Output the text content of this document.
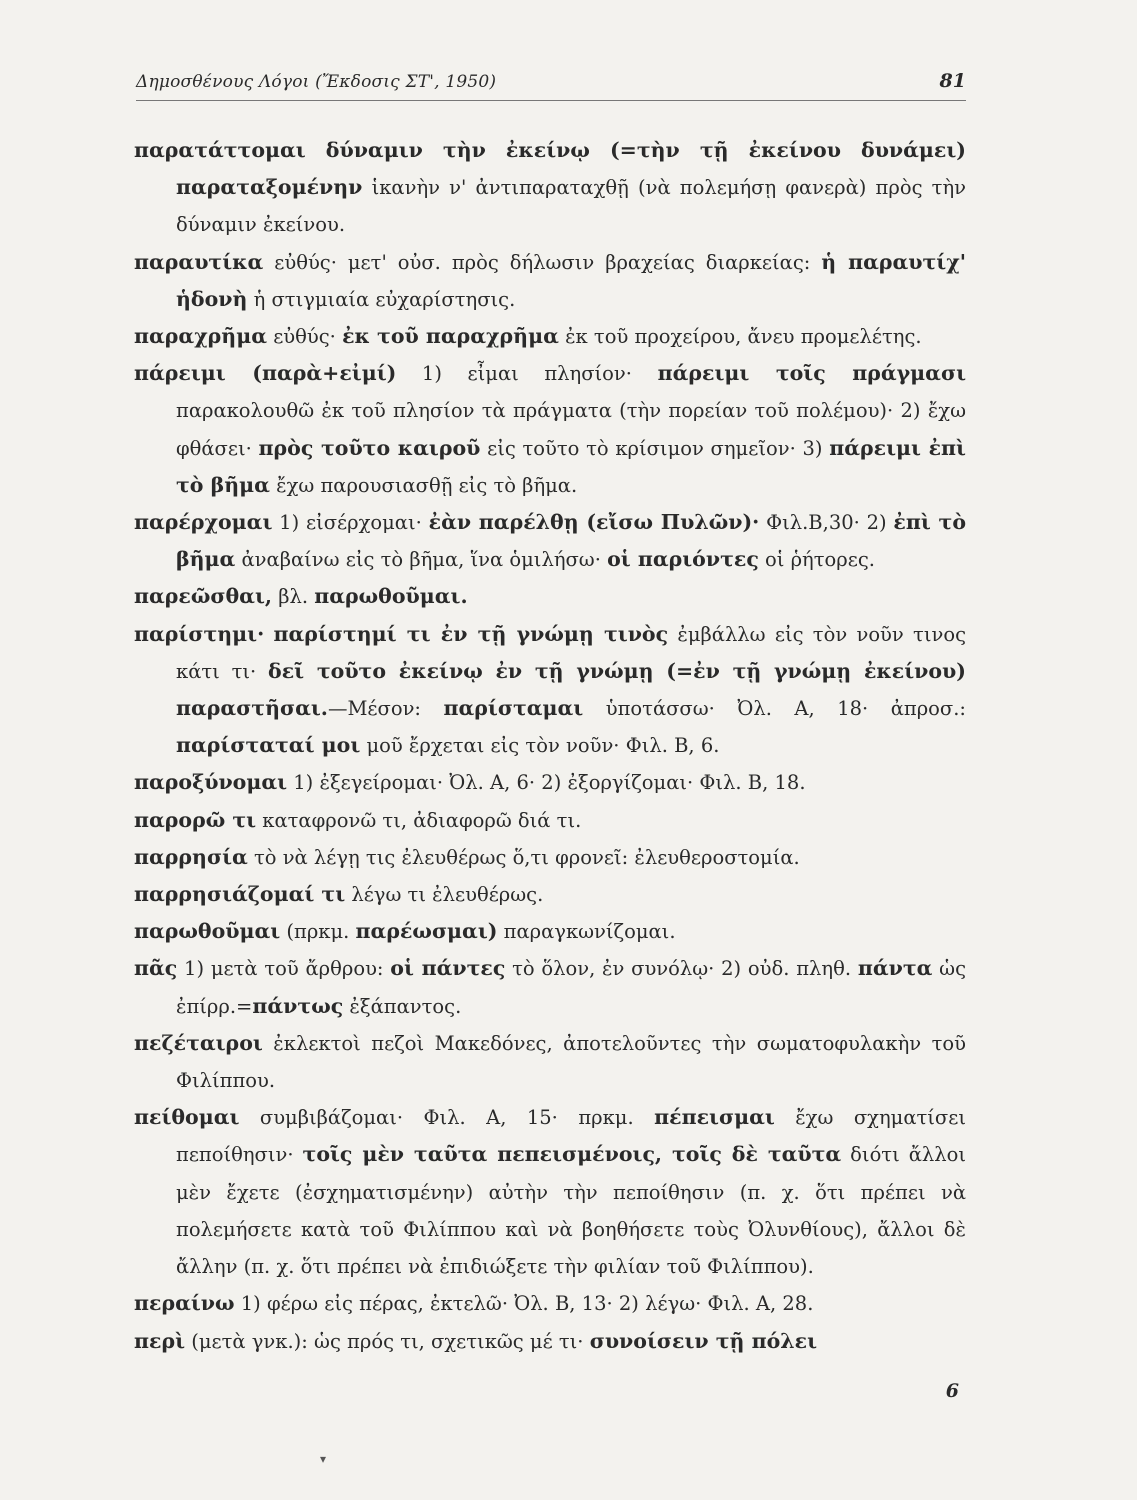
Δημοσθένους Λόγοι (Ἔκδοσις ΣΤ', 1950)	81

παρατάττομαι δύναμιν τὴν ἐκείνῳ (=τὴν τῇ ἐκείνου δυνάμει) παραταξομένην ἱκανὴν ν' ἀντιπαραταχθῇ (νὰ πολεμήσῃ φανερὰ) πρὸς τὴν δύναμιν ἐκείνου.

παραυτίκα εὐθύς· μετ' οὐσ. πρὸς δήλωσιν βραχείας διαρκείας: ἡ παραυτίχ' ἡδονὴ ἡ στιγμιαία εὐχαρίστησις.

παραχρῆμα εὐθύς· ἐκ τοῦ παραχρῆμα ἐκ τοῦ προχείρου, ἄνευ προμελέτης.

πάρειμι (παρὰ+εἰμί) 1) εἶμαι πλησίον· πάρειμι τοῖς πράγμασι παρακολουθῶ ἐκ τοῦ πλησίον τὰ πράγματα (τὴν πορείαν τοῦ πολέμου)· 2) ἔχω φθάσει· πρὸς τοῦτο καιροῦ εἰς τοῦτο τὸ κρίσιμον σημεῖον· 3) πάρειμι ἐπὶ τὸ βῆμα ἔχω παρουσιασθῇ εἰς τὸ βῆμα.

παρέρχομαι 1) εἰσέρχομαι· ἐὰν παρέλθῃ (εἴσω Πυλῶν)· Φιλ.Β,30· 2) ἐπὶ τὸ βῆμα ἀναβαίνω εἰς τὸ βῆμα, ἵνα ὁμιλήσω· οἱ παριόντες οἱ ῥήτορες.

παρεῶσθαι, βλ. παρωθοῦμαι.

παρίστημι· παρίστημί τι ἐν τῇ γνώμῃ τινὸς ἐμβάλλω εἰς τὸν νοῦν τινος κάτι τι· δεῖ τοῦτο ἐκείνῳ ἐν τῇ γνώμῃ (=ἐν τῇ γνώμῃ ἐκείνου) παραστῆσαι.—Μέσον: παρίσταμαι ὑποτάσσω· Ὀλ. Α, 18· ἀπροσ.: παρίσταταί μοι μοῦ ἔρχεται εἰς τὸν νοῦν· Φιλ. Β, 6.

παροξύνομαι 1) ἐξεγείρομαι· Ὀλ. Α, 6· 2) ἐξοργίζομαι· Φιλ. Β, 18.

παρορῶ τι καταφρονῶ τι, ἀδιαφορῶ διά τι.

παρρησία τὸ νὰ λέγῃ τις ἐλευθέρως ὅ,τι φρονεῖ: ἐλευθεροστομία.

παρρησιάζομαί τι λέγω τι ἐλευθέρως.

παρωθοῦμαι (πρκμ. παρέωσμαι) παραγκωνίζομαι.

πᾶς 1) μετὰ τοῦ ἄρθρου: οἱ πάντες τὸ ὅλον, ἐν συνόλῳ· 2) οὐδ. πληθ. πάντα ὡς ἐπίρρ.=πάντως ἐξάπαντος.

πεζέταιροι ἐκλεκτοὶ πεζοὶ Μακεδόνες, ἀποτελοῦντες τὴν σωματοφυλακὴν τοῦ Φιλίππου.

πείθομαι συμβιβάζομαι· Φιλ. Α, 15· πρκμ. πέπεισμαι ἔχω σχηματίσει πεποίθησιν· τοῖς μὲν ταῦτα πεπεισμένοις, τοῖς δὲ ταῦτα διότι ἄλλοι μὲν ἔχετε (ἐσχηματισμένην) αὐτὴν τὴν πεποίθησιν (π. χ. ὅτι πρέπει νὰ πολεμήσετε κατὰ τοῦ Φιλίππου καὶ νὰ βοηθήσετε τοὺς Ὀλυνθίους), ἄλλοι δὲ ἄλλην (π. χ. ὅτι πρέπει νὰ ἐπιδιώξετε τὴν φιλίαν τοῦ Φιλίππου).

περαίνω 1) φέρω εἰς πέρας, ἐκτελῶ· Ὀλ. Β, 13· 2) λέγω· Φιλ. Α, 28.

περὶ (μετὰ γνκ.): ὡς πρός τι, σχετικῶς μέ τι· συνοίσειν τῇ πόλει

6
▾
